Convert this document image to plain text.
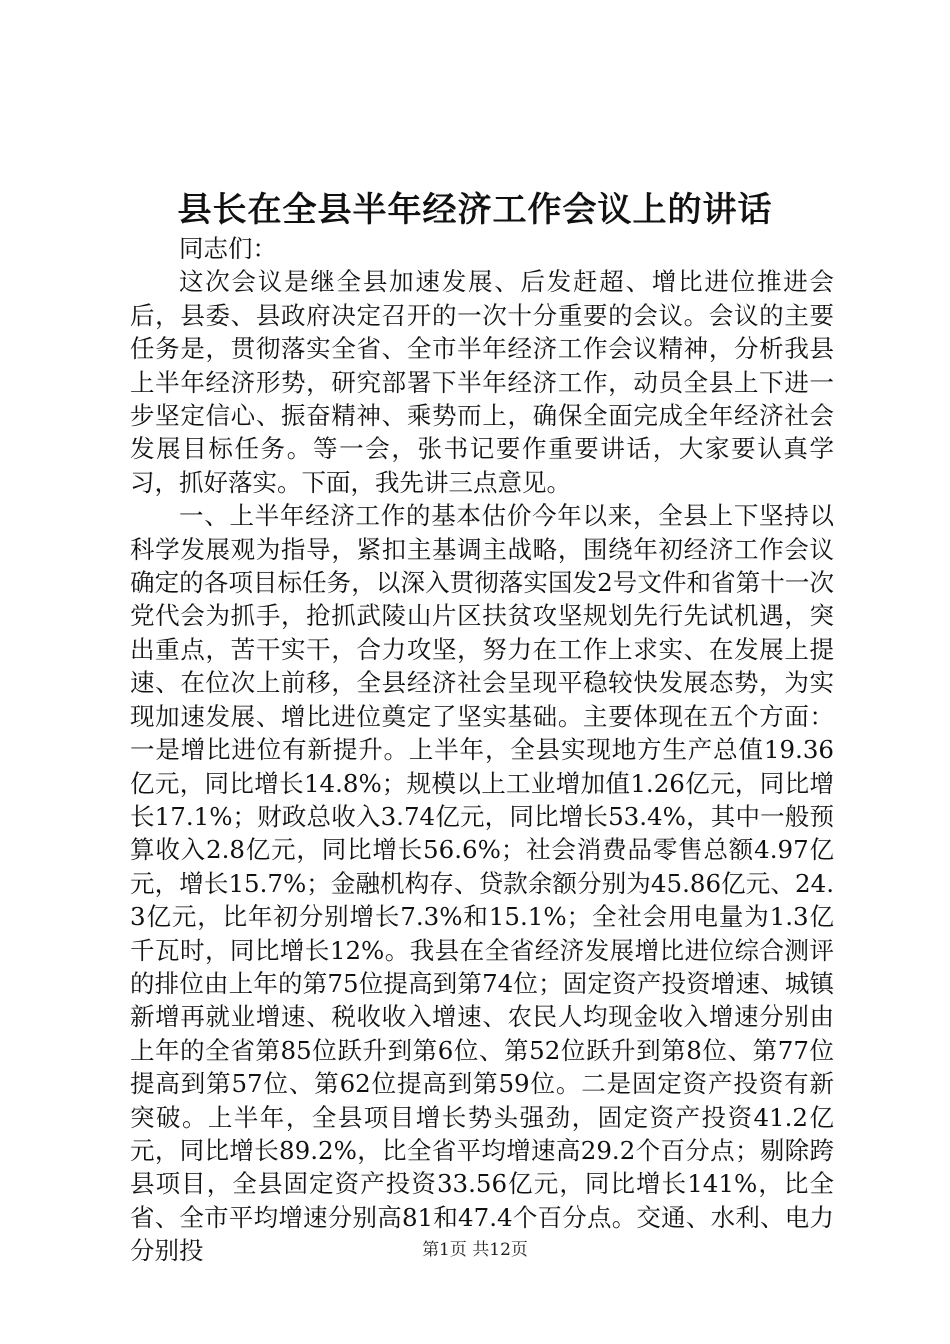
县长在全县半年经济工作会议上的讲话

同志们：

这次会议是继全县加速发展、后发赶超、增比进位推进会后，县委、县政府决定召开的一次十分重要的会议。会议的主要任务是，贯彻落实全省、全市半年经济工作会议精神，分析我县上半年经济形势，研究部署下半年经济工作，动员全县上下进一步坚定信心、振奋精神、乘势而上，确保全面完成全年经济社会发展目标任务。等一会，张书记要作重要讲话，大家要认真学习，抓好落实。下面，我先讲三点意见。

一、上半年经济工作的基本估价今年以来，全县上下坚持以科学发展观为指导，紧扣主基调主战略，围绕年初经济工作会议确定的各项目标任务，以深入贯彻落实国发2号文件和省第十一次党代会为抓手，抢抓武陵山片区扶贫攻坚规划先行先试机遇，突出重点，苦干实干，合力攻坚，努力在工作上求实、在发展上提速、在位次上前移，全县经济社会呈现平稳较快发展态势，为实现加速发展、增比进位奠定了坚实基础。主要体现在五个方面：一是增比进位有新提升。上半年，全县实现地方生产总值19.36亿元，同比增长14.8%；规模以上工业增加值1.26亿元，同比增长17.1%；财政总收入3.74亿元，同比增长53.4%，其中一般预算收入2.8亿元，同比增长56.6%；社会消费品零售总额4.97亿元，增长15.7%；金融机构存、贷款余额分别为45.86亿元、24.3亿元，比年初分别增长7.3%和15.1%；全社会用电量为1.3亿千瓦时，同比增长12%。我县在全省经济发展增比进位综合测评的排位由上年的第75位提高到第74位；固定资产投资增速、城镇新增再就业增速、税收收入增速、农民人均现金收入增速分别由上年的全省第85位跃升到第6位、第52位跃升到第8位、第77位提高到第57位、第62位提高到第59位。二是固定资产投资有新突破。上半年，全县项目增长势头强劲，固定资产投资41.2亿元，同比增长89.2%，比全省平均增速高29.2个百分点；剔除跨县项目，全县固定资产投资33.56亿元，同比增长141%，比全省、全市平均增速分别高81和47.4个百分点。交通、水利、电力分别投	第1页 共12页
